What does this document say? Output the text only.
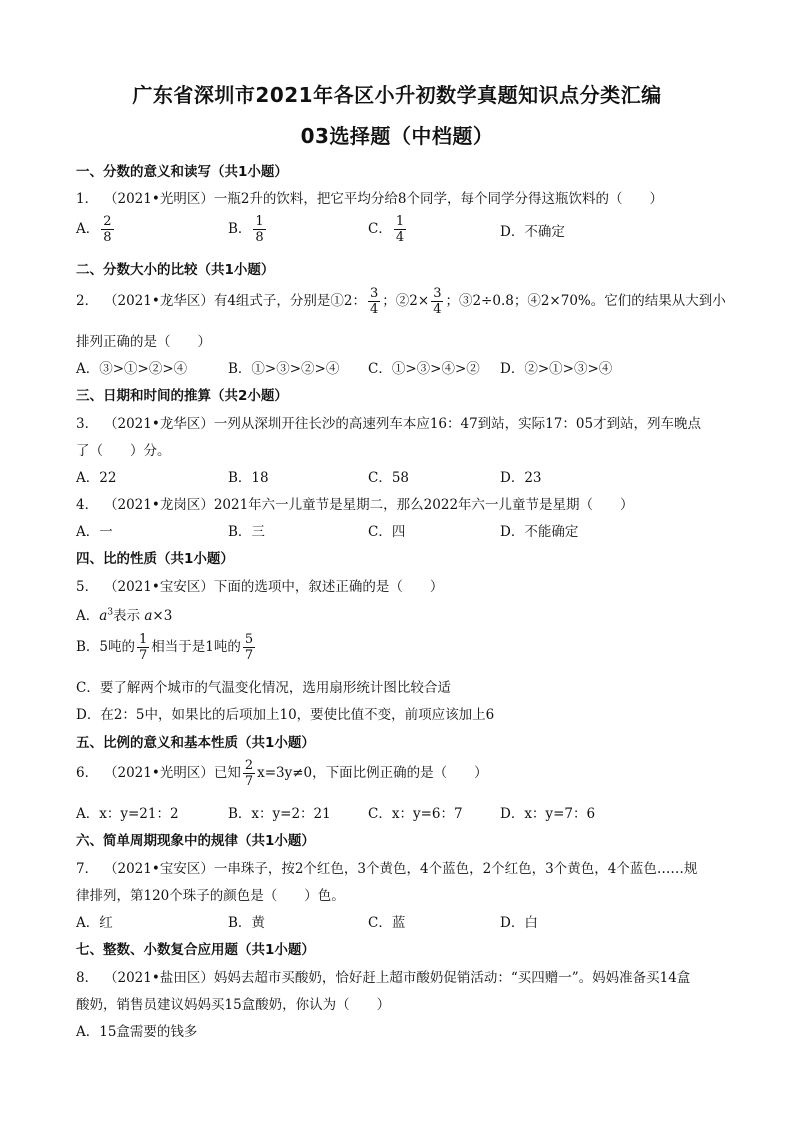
广东省深圳市2021年各区小升初数学真题知识点分类汇编
03选择题（中档题）
一、分数的意义和读写（共1小题）
1． （2021•光明区）一瓶2升的饮料，把它平均分给8个同学，每个同学分得这瓶饮料的（　　）
A． $\frac{2}{8}$	B． $\frac{1}{8}$	C． $\frac{1}{4}$	D．不确定
二、分数大小的比较（共1小题）
2． （2021•龙华区）有4组式子，分别是①2： $\frac{3}{4}$ ；②2× $\frac{3}{4}$ ；③2÷0.8；④2×70%。它们的结果从大到小
排列正确的是（　　）
A．③>①>②>④	B．①>③>②>④ C．①>③>④>② D．②>①>③>④
三、日期和时间的推算（共2小题）
3． （2021•龙华区）一列从深圳开往长沙的高速列车本应16：47到站，实际17：05才到站，列车晚点
了（　　）分。
A．22	B．18	C．58	D．23
4． （2021•龙岗区）2021年六一儿童节是星期二，那么2022年六一儿童节是星期（　　）
A．一	B．三	C．四	D．不能确定
四、比的性质（共1小题）
5． （2021•宝安区）下面的选项中，叙述正确的是（　　）
A．$a^3$表示 a×3
B．5吨的 $\frac{1}{7}$ 相当于是1吨的 $\frac{5}{7}$
C．要了解两个城市的气温变化情况，选用扇形统计图比较合适
D．在2：5中，如果比的后项加上10，要使比值不变，前项应该加上6
五、比例的意义和基本性质（共1小题）
6． （2021•光明区）已知 $\frac{2}{7} x=3y\ne 0$，下面比例正确的是（　　）
A．x：y=21：2	B．x：y=2：21	C．x：y=6：7	D．x：y=7：6
六、简单周期现象中的规律（共1小题）
7． （2021•宝安区）一串珠子，按2个红色，3个黄色，4个蓝色，2个红色，3个黄色，4个蓝色……规
律排列，第120个珠子的颜色是（　　）色。
A．红	B．黄	C．蓝	D．白
七、整数、小数复合应用题（共1小题）
8． （2021•盐田区）妈妈去超市买酸奶，恰好赶上超市酸奶促销活动：“买四赠一”。妈妈准备买14盒
酸奶，销售员建议妈妈买15盒酸奶，你认为（　　）
A．15盒需要的钱多
